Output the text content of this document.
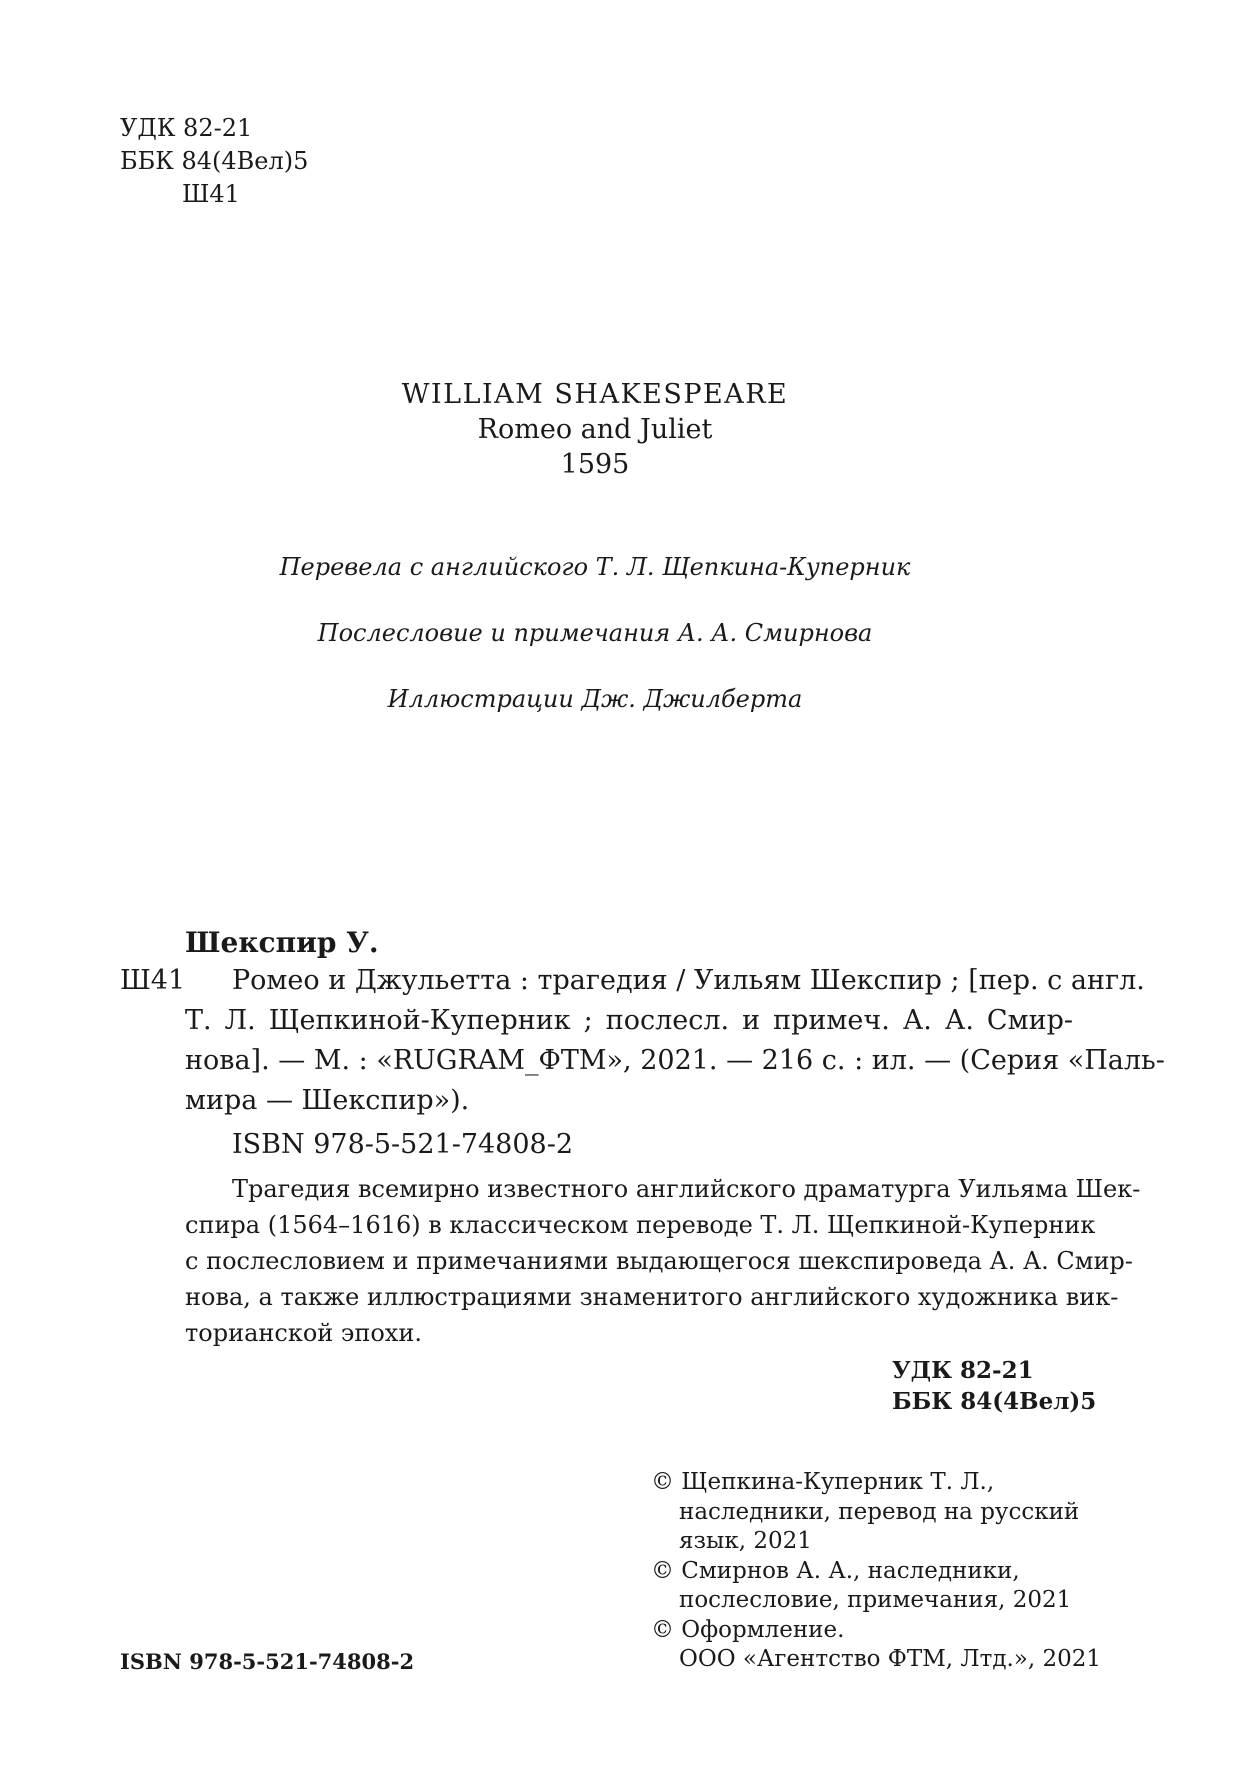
УДК 82-21
ББК 84(4Вел)5
Ш41
WILLIAM SHAKESPEARE
Romeo and Juliet
1595
Перевела с английского Т. Л. Щепкина-Куперник
Послесловие и примечания А. А. Смирнова
Иллюстрации Дж. Джилберта
Шекспир У.
Ш41	Ромео и Джульетта : трагедия / Уильям Шекспир ; [пер. с англ.
Т. Л. Щепкиной-Куперник ; послесл. и примеч. А. А. Смир-
нова]. — М. : «RUGRAM_ФТМ», 2021. — 216 с. : ил. — (Серия «Паль-
мира — Шекспир»).
ISBN 978-5-521-74808-2
Трагедия всемирно известного английского драматурга Уильяма Шек-
спира (1564–1616) в классическом переводе Т. Л. Щепкиной-Куперник
с послесловием и примечаниями выдающегося шекспироведа А. А. Смир-
нова, а также иллюстрациями знаменитого английского художника вик-
торианской эпохи.
УДК 82-21
ББК 84(4Вел)5
© Щепкина-Куперник Т. Л.,
наследники, перевод на русский
язык, 2021
© Смирнов А. А., наследники,
послесловие, примечания, 2021
© Оформление.
ООО «Агентство ФТМ, Лтд.», 2021
ISBN 978-5-521-74808-2
